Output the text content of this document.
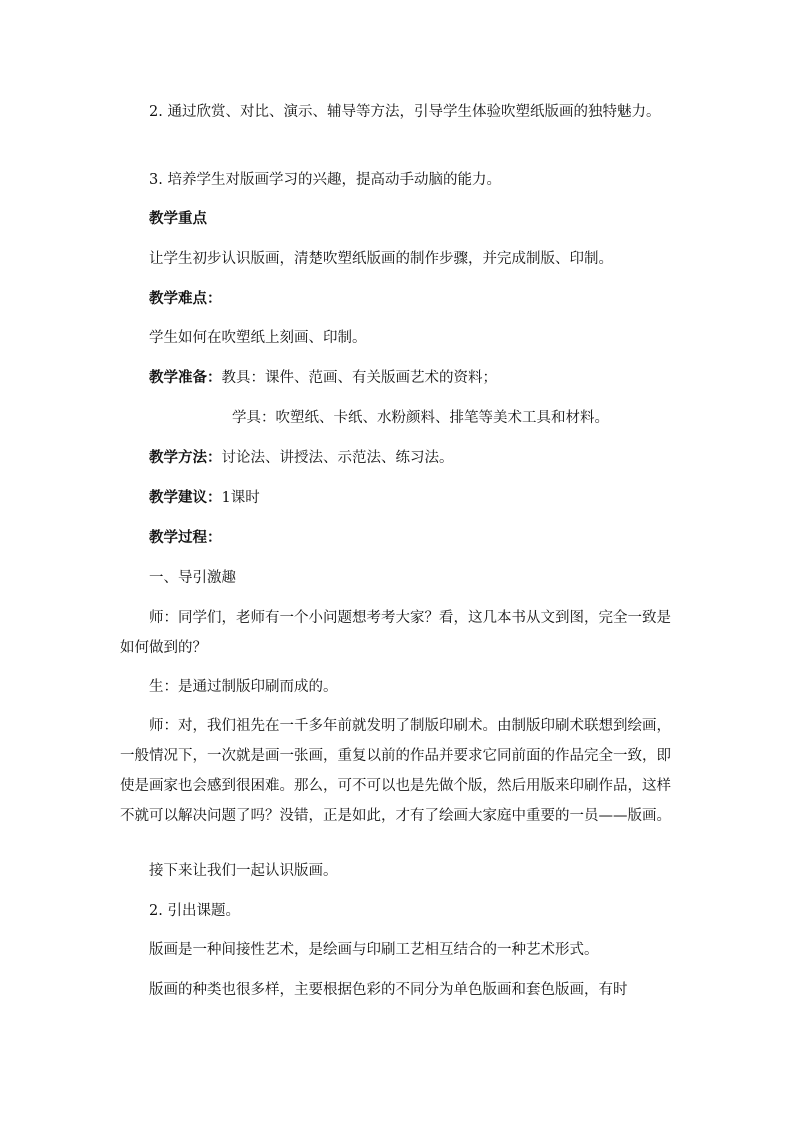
2. 通过欣赏、对比、演示、辅导等方法，引导学生体验吹塑纸版画的独特魅力。

3. 培养学生对版画学习的兴趣，提高动手动脑的能力。

教学重点

让学生初步认识版画，清楚吹塑纸版画的制作步骤，并完成制版、印制。

教学难点：

学生如何在吹塑纸上刻画、印制。

教学准备：教具：课件、范画、有关版画艺术的资料；

学具：吹塑纸、卡纸、水粉颜料、排笔等美术工具和材料。

教学方法：讨论法、讲授法、示范法、练习法。

教学建议：1课时

教学过程：

一、导引激趣

师：同学们，老师有一个小问题想考考大家？看，这几本书从文到图，完全一致是如何做到的？

生：是通过制版印刷而成的。

师：对，我们祖先在一千多年前就发明了制版印刷术。由制版印刷术联想到绘画，一般情况下，一次就是画一张画，重复以前的作品并要求它同前面的作品完全一致，即使是画家也会感到很困难。那么，可不可以也是先做个版，然后用版来印刷作品，这样不就可以解决问题了吗？没错，正是如此，才有了绘画大家庭中重要的一员——版画。

接下来让我们一起认识版画。

2. 引出课题。

版画是一种间接性艺术，是绘画与印刷工艺相互结合的一种艺术形式。

版画的种类也很多样，主要根据色彩的不同分为单色版画和套色版画，有时
